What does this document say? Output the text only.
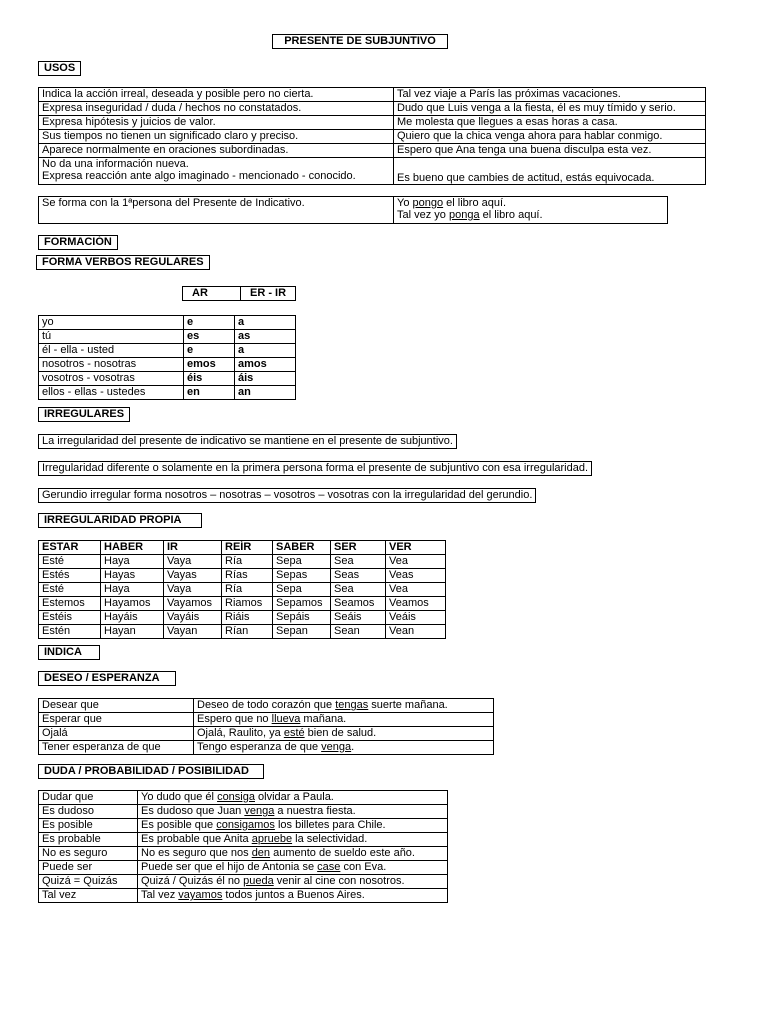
PRESENTE DE SUBJUNTIVO
USOS
Indica la acción irreal, deseada y posible pero no cierta.	Tal vez viaje a París las próximas vacaciones.
Expresa inseguridad / duda / hechos no constatados.	Dudo que Luis venga a la fiesta, él es muy tímido y serio.
Expresa hipótesis y juicios de valor.	Me molesta que llegues a esas horas a casa.
Sus tiempos no tienen un significado claro y preciso.	Quiero que la chica venga ahora para hablar conmigo.
Aparece normalmente en oraciones subordinadas.	Espero que Ana tenga una buena disculpa esta vez.

No da una información nueva.
Expresa reacción ante algo imaginado - mencionado - conocido.	Es bueno que cambies de actitud, estás equivocada.
Se forma con la 1ªpersona del Presente de Indicativo.	Yo pongo el libro aquí.
Tal vez yo ponga el libro aquí.
FORMACIÓN
FORMA VERBOS REGULARES
AR	ER - IR
yo	e	a
tú	es	as
él - ella - usted	e	a
nosotros - nosotras	emos	amos
vosotros - vosotras	éis	áis
ellos - ellas - ustedes	en	an
IRREGULARES
La irregularidad del presente de indicativo se mantiene en el presente de subjuntivo.
Irregularidad diferente o solamente en la primera persona forma el presente de subjuntivo con esa irregularidad.
Gerundio irregular forma nosotros – nosotras – vosotros – vosotras con la irregularidad del gerundio.
IRREGULARIDAD PROPIA
ESTAR	HABER	IR	REÍR	SABER	SER	VER
Esté	Haya	Vaya	Ría	Sepa	Sea	Vea
Estés	Hayas	Vayas	Rías	Sepas	Seas	Veas
Esté	Haya	Vaya	Ría	Sepa	Sea	Vea
Estemos	Hayamos	Vayamos	Riamos	Sepamos	Seamos	Veamos
Estéis	Hayáis	Vayáis	Riáis	Sepáis	Seáis	Veáis
Estén	Hayan	Vayan	Rían	Sepan	Sean	Vean
INDICA
DESEO / ESPERANZA
Desear que	Deseo de todo corazón que tengas suerte mañana.
Esperar que	Espero que no llueva mañana.
Ojalá	Ojalá, Raulito, ya esté bien de salud.
Tener esperanza de que	Tengo esperanza de que venga.
DUDA / PROBABILIDAD / POSIBILIDAD
Dudar que	Yo dudo que él consiga olvidar a Paula.
Es dudoso	Es dudoso que Juan venga a nuestra fiesta.
Es posible	Es posible que consigamos los billetes para Chile.
Es probable	Es probable que Anita apruebe la selectividad.
No es seguro	No es seguro que nos den aumento de sueldo este año.
Puede ser	Puede ser que el hijo de Antonia se case con Eva.
Quizá = Quizás	Quizá / Quizás él no pueda venir al cine con nosotros.
Tal vez	Tal vez vayamos todos juntos a Buenos Aires.
